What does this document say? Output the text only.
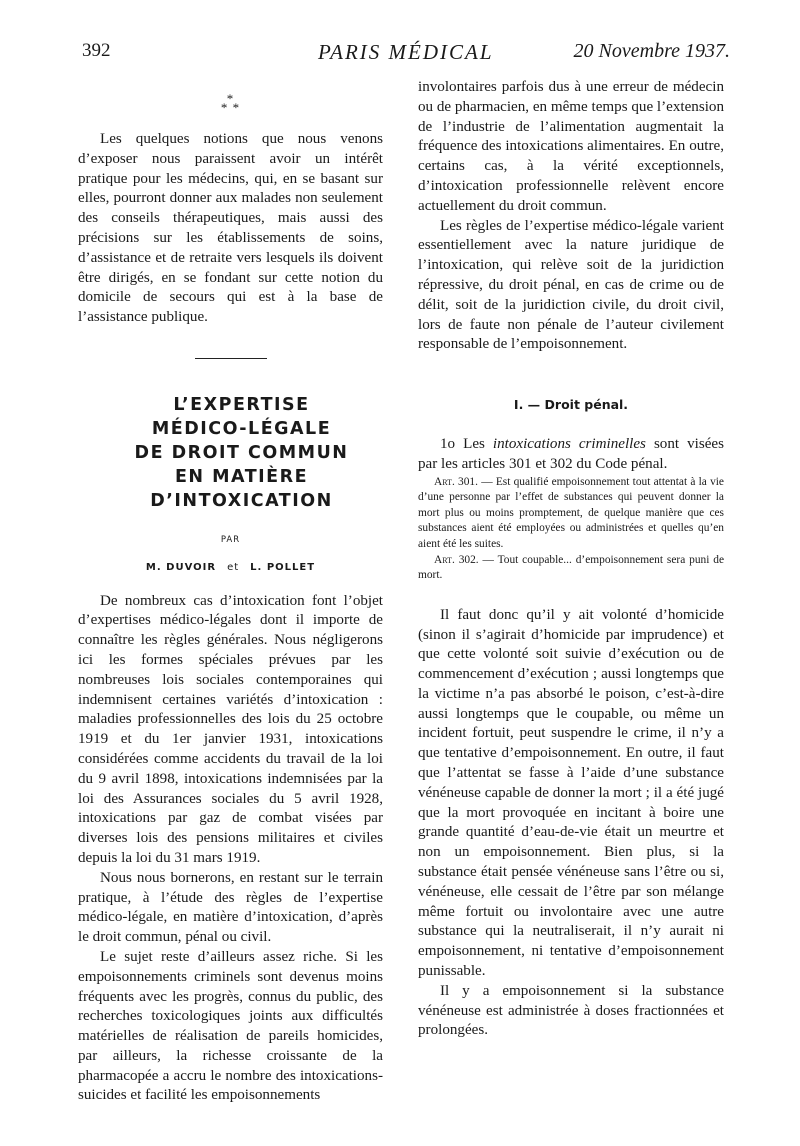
392	PARIS MÉDICAL	20 Novembre 1937.
*
* *

Les quelques notions que nous venons d’exposer nous paraissent avoir un intérêt pratique pour les médecins, qui, en se basant sur elles, pourront donner aux malades non seulement des conseils thérapeutiques, mais aussi des précisions sur les établissements de soins, d’assistance et de retraite vers lesquels ils doivent être dirigés, en se fondant sur cette notion du domicile de secours qui est à la base de l’assistance publique.

L’EXPERTISE

MÉDICO-LÉGALE

DE DROIT COMMUN

EN MATIÈRE

D’INTOXICATION

PAR
M. DUVOIR et L. POLLET

De nombreux cas d’intoxication font l’objet d’expertises médico-légales dont il importe de connaître les règles générales. Nous négligerons ici les formes spéciales prévues par les nombreuses lois sociales contemporaines qui indemnisent certaines variétés d’intoxication : maladies professionnelles des lois du 25 octobre 1919 et du 1er janvier 1931, intoxications considérées comme accidents du travail de la loi du 9 avril 1898, intoxications indemnisées par la loi des Assurances sociales du 5 avril 1928, intoxications par gaz de combat visées par diverses lois des pensions militaires et civiles depuis la loi du 31 mars 1919.

Nous nous bornerons, en restant sur le terrain pratique, à l’étude des règles de l’expertise médico-légale, en matière d’intoxication, d’après le droit commun, pénal ou civil.

Le sujet reste d’ailleurs assez riche. Si les empoisonnements criminels sont devenus moins fréquents avec les progrès, connus du public, des recherches toxicologiques joints aux difficultés matérielles de réalisation de pareils homicides, par ailleurs, la richesse croissante de la pharmacopée a accru le nombre des intoxications-suicides et facilité les empoisonnements

involontaires parfois dus à une erreur de médecin ou de pharmacien, en même temps que l’extension de l’industrie de l’alimentation augmentait la fréquence des intoxications alimentaires. En outre, certains cas, à la vérité exceptionnels, d’intoxication professionnelle relèvent encore actuellement du droit commun.

Les règles de l’expertise médico-légale varient essentiellement avec la nature juridique de l’intoxication, qui relève soit de la juridiction répressive, du droit pénal, en cas de crime ou de délit, soit de la juridiction civile, du droit civil, lors de faute non pénale de l’auteur civilement responsable de l’empoisonnement.

I. — Droit pénal.

1o Les intoxications criminelles sont visées par les articles 301 et 302 du Code pénal.

Art. 301. — Est qualifié empoisonnement tout attentat à la vie d’une personne par l’effet de substances qui peuvent donner la mort plus ou moins promptement, de quelque manière que ces substances aient été employées ou administrées et quelles qu’en aient été les suites.

Art. 302. — Tout coupable... d’empoisonnement sera puni de mort.

Il faut donc qu’il y ait volonté d’homicide (sinon il s’agirait d’homicide par imprudence) et que cette volonté soit suivie d’exécution ou de commencement d’exécution ; aussi longtemps que la victime n’a pas absorbé le poison, c’est-à-dire aussi longtemps que le coupable, ou même un incident fortuit, peut suspendre le crime, il n’y a que tentative d’empoisonnement. En outre, il faut que l’attentat se fasse à l’aide d’une substance vénéneuse capable de donner la mort ; il a été jugé que la mort provoquée en incitant à boire une grande quantité d’eau-de-vie était un meurtre et non un empoisonnement. Bien plus, si la substance était pensée vénéneuse sans l’être ou si, vénéneuse, elle cessait de l’être par son mélange même fortuit ou involontaire avec une autre substance qui la neutraliserait, il n’y aurait ni empoisonnement, ni tentative d’empoisonnement punissable.

Il y a empoisonnement si la substance vénéneuse est administrée à doses fractionnées et prolongées.
